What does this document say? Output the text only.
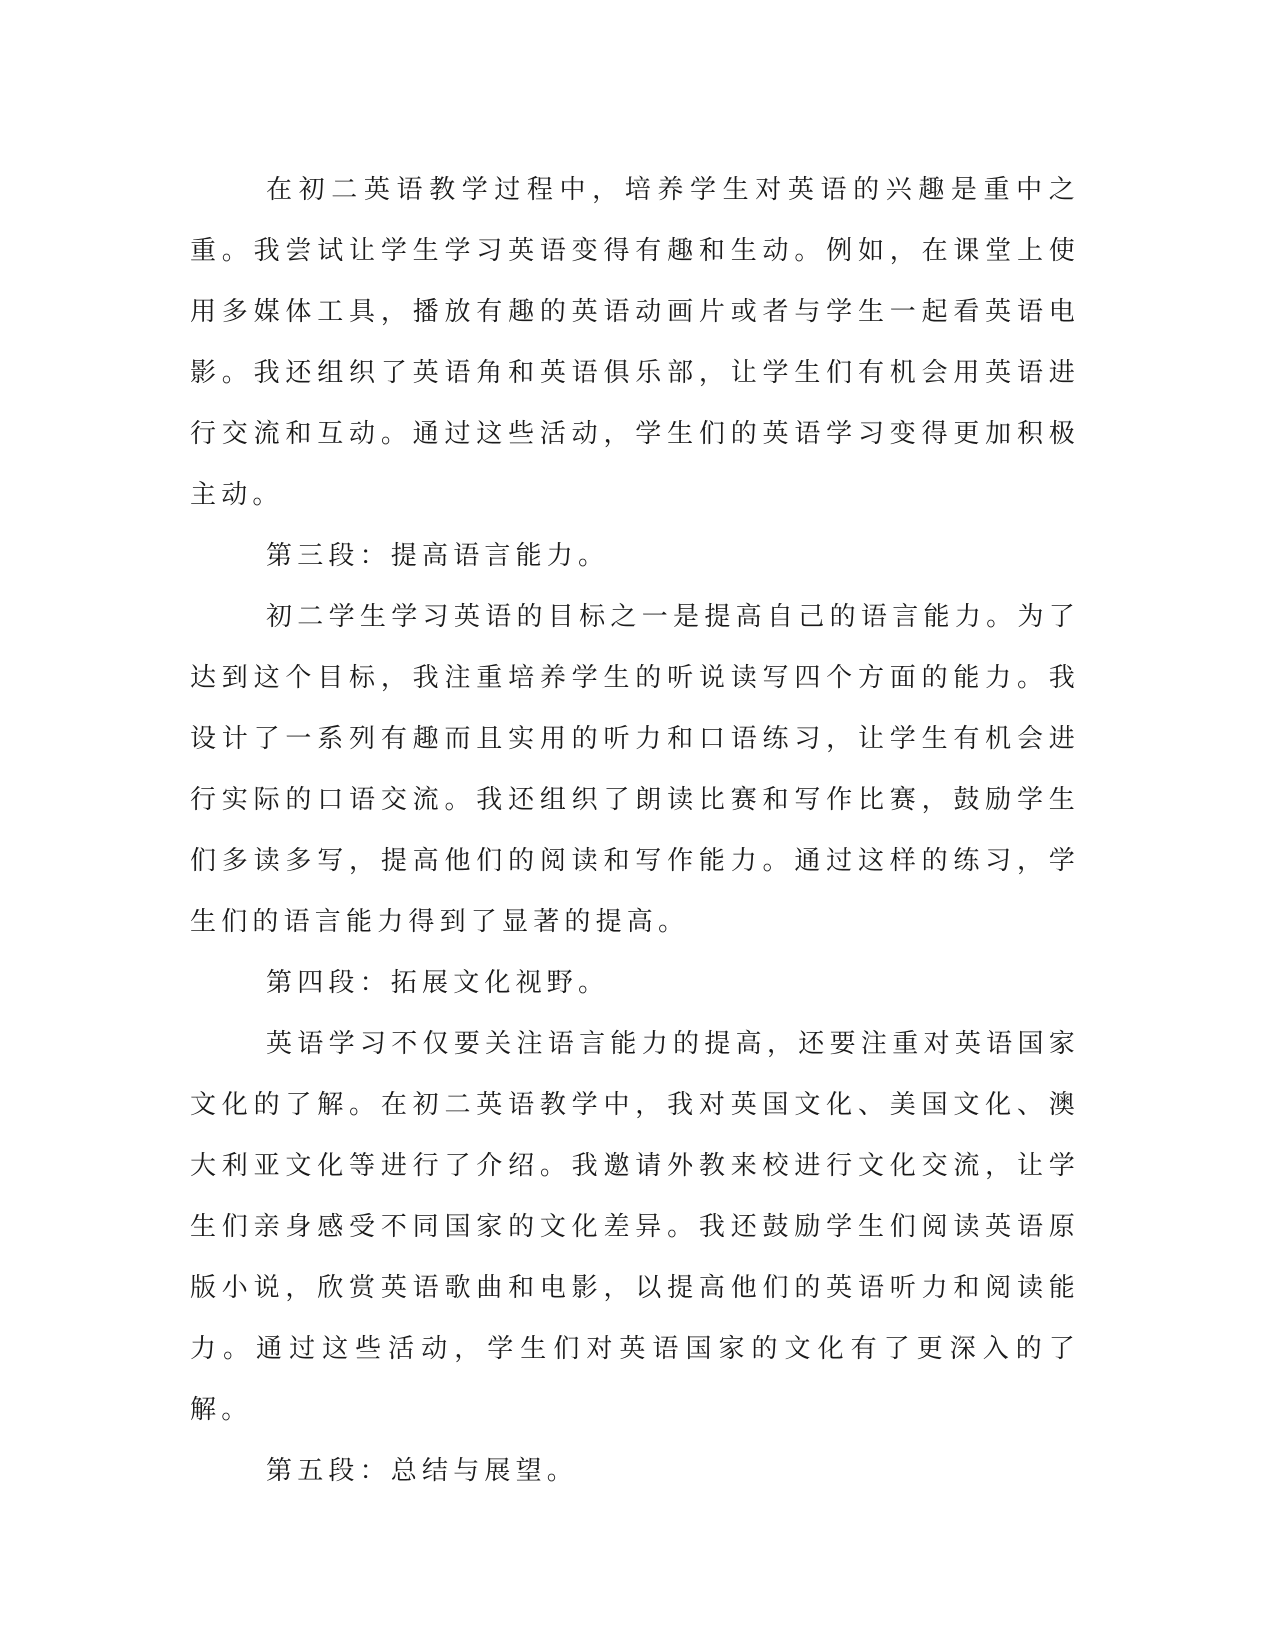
在初二英语教学过程中，培养学生对英语的兴趣是重中之重。我尝试让学生学习英语变得有趣和生动。例如，在课堂上使用多媒体工具，播放有趣的英语动画片或者与学生一起看英语电影。我还组织了英语角和英语俱乐部，让学生们有机会用英语进行交流和互动。通过这些活动，学生们的英语学习变得更加积极主动。

第三段：提高语言能力。

初二学生学习英语的目标之一是提高自己的语言能力。为了达到这个目标，我注重培养学生的听说读写四个方面的能力。我设计了一系列有趣而且实用的听力和口语练习，让学生有机会进行实际的口语交流。我还组织了朗读比赛和写作比赛，鼓励学生们多读多写，提高他们的阅读和写作能力。通过这样的练习，学生们的语言能力得到了显著的提高。

第四段：拓展文化视野。

英语学习不仅要关注语言能力的提高，还要注重对英语国家文化的了解。在初二英语教学中，我对英国文化、美国文化、澳大利亚文化等进行了介绍。我邀请外教来校进行文化交流，让学生们亲身感受不同国家的文化差异。我还鼓励学生们阅读英语原版小说，欣赏英语歌曲和电影，以提高他们的英语听力和阅读能力。通过这些活动，学生们对英语国家的文化有了更深入的了解。

第五段：总结与展望。
